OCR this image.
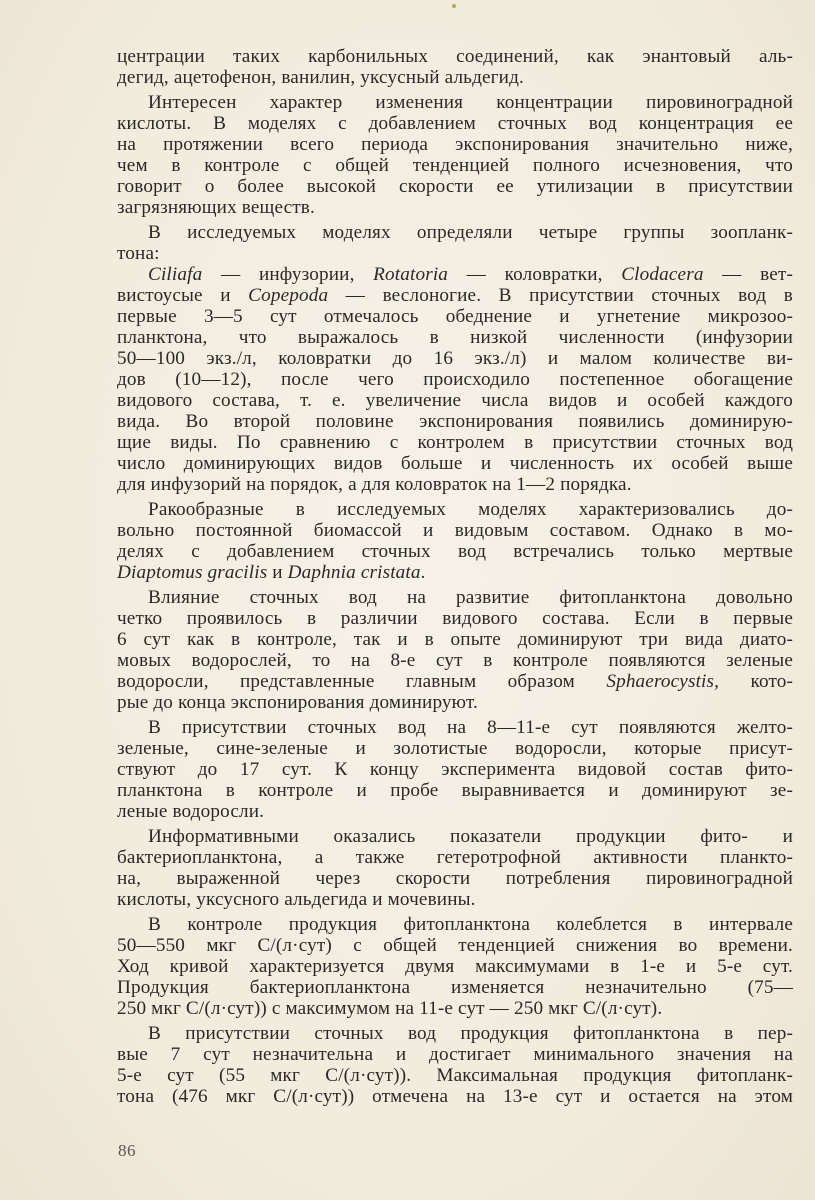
центрации таких карбонильных соединений, как энантовый аль-
дегид, ацетофенон, ванилин, уксусный альдегид.

Интересен характер изменения концентрации пировиноградной
кислоты. В моделях с добавлением сточных вод концентрация ее
на протяжении всего периода экспонирования значительно ниже,
чем в контроле с общей тенденцией полного исчезновения, что
говорит о более высокой скорости ее утилизации в присутствии
загрязняющих веществ.

В исследуемых моделях определяли четыре группы зоопланк-
тона:

Ciliafa — инфузории, Rotatoria — коловратки, Clodacera — вет-
вистоусые и Copepoda — веслоногие. В присутствии сточных вод в
первые 3—5 сут отмечалось обеднение и угнетение микрозоо-
планктона, что выражалось в низкой численности (инфузории
50—100 экз./л, коловратки до 16 экз./л) и малом количестве ви-
дов (10—12), после чего происходило постепенное обогащение
видового состава, т. е. увеличение числа видов и особей каждого
вида. Во второй половине экспонирования появились доминирую-
щие виды. По сравнению с контролем в присутствии сточных вод
число доминирующих видов больше и численность их особей выше
для инфузорий на порядок, а для коловраток на 1—2 порядка.

Ракообразные в исследуемых моделях характеризовались до-
вольно постоянной биомассой и видовым составом. Однако в мо-
делях с добавлением сточных вод встречались только мертвые
Diaptomus gracilis и Daphnia cristata.

Влияние сточных вод на развитие фитопланктона довольно
четко проявилось в различии видового состава. Если в первые
6 сут как в контроле, так и в опыте доминируют три вида диато-
мовых водорослей, то на 8-е сут в контроле появляются зеленые
водоросли, представленные главным образом Sphaerocystis, кото-
рые до конца экспонирования доминируют.

В присутствии сточных вод на 8—11-е сут появляются желто-
зеленые, сине-зеленые и золотистые водоросли, которые присут-
ствуют до 17 сут. К концу эксперимента видовой состав фито-
планктона в контроле и пробе выравнивается и доминируют зе-
леные водоросли.

Информативными оказались показатели продукции фито- и
бактериопланктона, а также гетеротрофной активности планкто-
на, выраженной через скорости потребления пировиноградной
кислоты, уксусного альдегида и мочевины.

В контроле продукция фитопланктона колеблется в интервале
50—550 мкг С/(л·сут) с общей тенденцией снижения во времени.
Ход кривой характеризуется двумя максимумами в 1-е и 5-е сут.
Продукция бактериопланктона изменяется незначительно (75—
250 мкг С/(л·сут)) с максимумом на 11-е сут — 250 мкг С/(л·сут).

В присутствии сточных вод продукция фитопланктона в пер-
вые 7 сут незначительна и достигает минимального значения на
5-е сут (55 мкг С/(л·сут)). Максимальная продукция фитопланк-
тона (476 мкг С/(л·сут)) отмечена на 13-е сут и остается на этом

86
